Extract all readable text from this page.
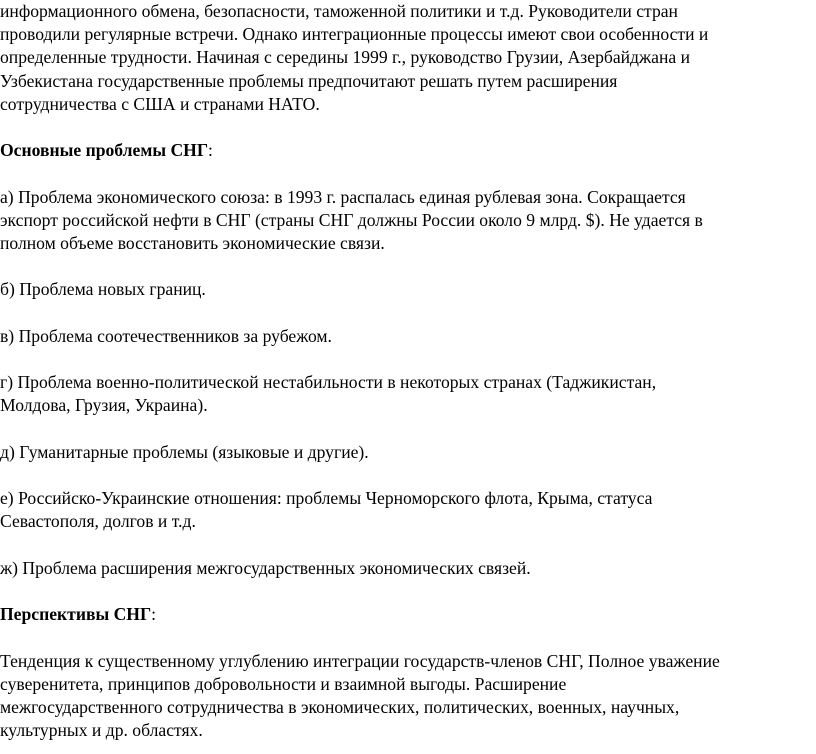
информационного обмена, безопасности, таможенной политики и т.д. Руководители стран
проводили регулярные встречи. Однако интеграционные процессы имеют свои особенности и
определенные трудности. Начиная с середины 1999 г., руководство Грузии, Азербайджана и
Узбекистана государственные проблемы предпочитают решать путем расширения
сотрудничества с США и странами НАТО.

Основные проблемы СНГ:

а) Проблема экономического союза: в 1993 г. распалась единая рублевая зона. Сокращается
экспорт российской нефти в СНГ (страны СНГ должны России около 9 млрд. $). Не удается в
полном объеме восстановить экономические связи.

б) Проблема новых границ.

в) Проблема соотечественников за рубежом.

г) Проблема военно-политической нестабильности в некоторых странах (Таджикистан,
Молдова, Грузия, Украина).

д) Гуманитарные проблемы (языковые и другие).

е) Российско-Украинские отношения: проблемы Черноморского флота, Крыма, статуса
Севастополя, долгов и т.д.

ж) Проблема расширения межгосударственных экономических связей.

Перспективы СНГ:

Тенденция к существенному углублению интеграции государств-членов СНГ, Полное уважение
суверенитета, принципов добровольности и взаимной выгоды. Расширение
межгосударственного сотрудничества в экономических, политических, военных, научных,
культурных и др. областях.
